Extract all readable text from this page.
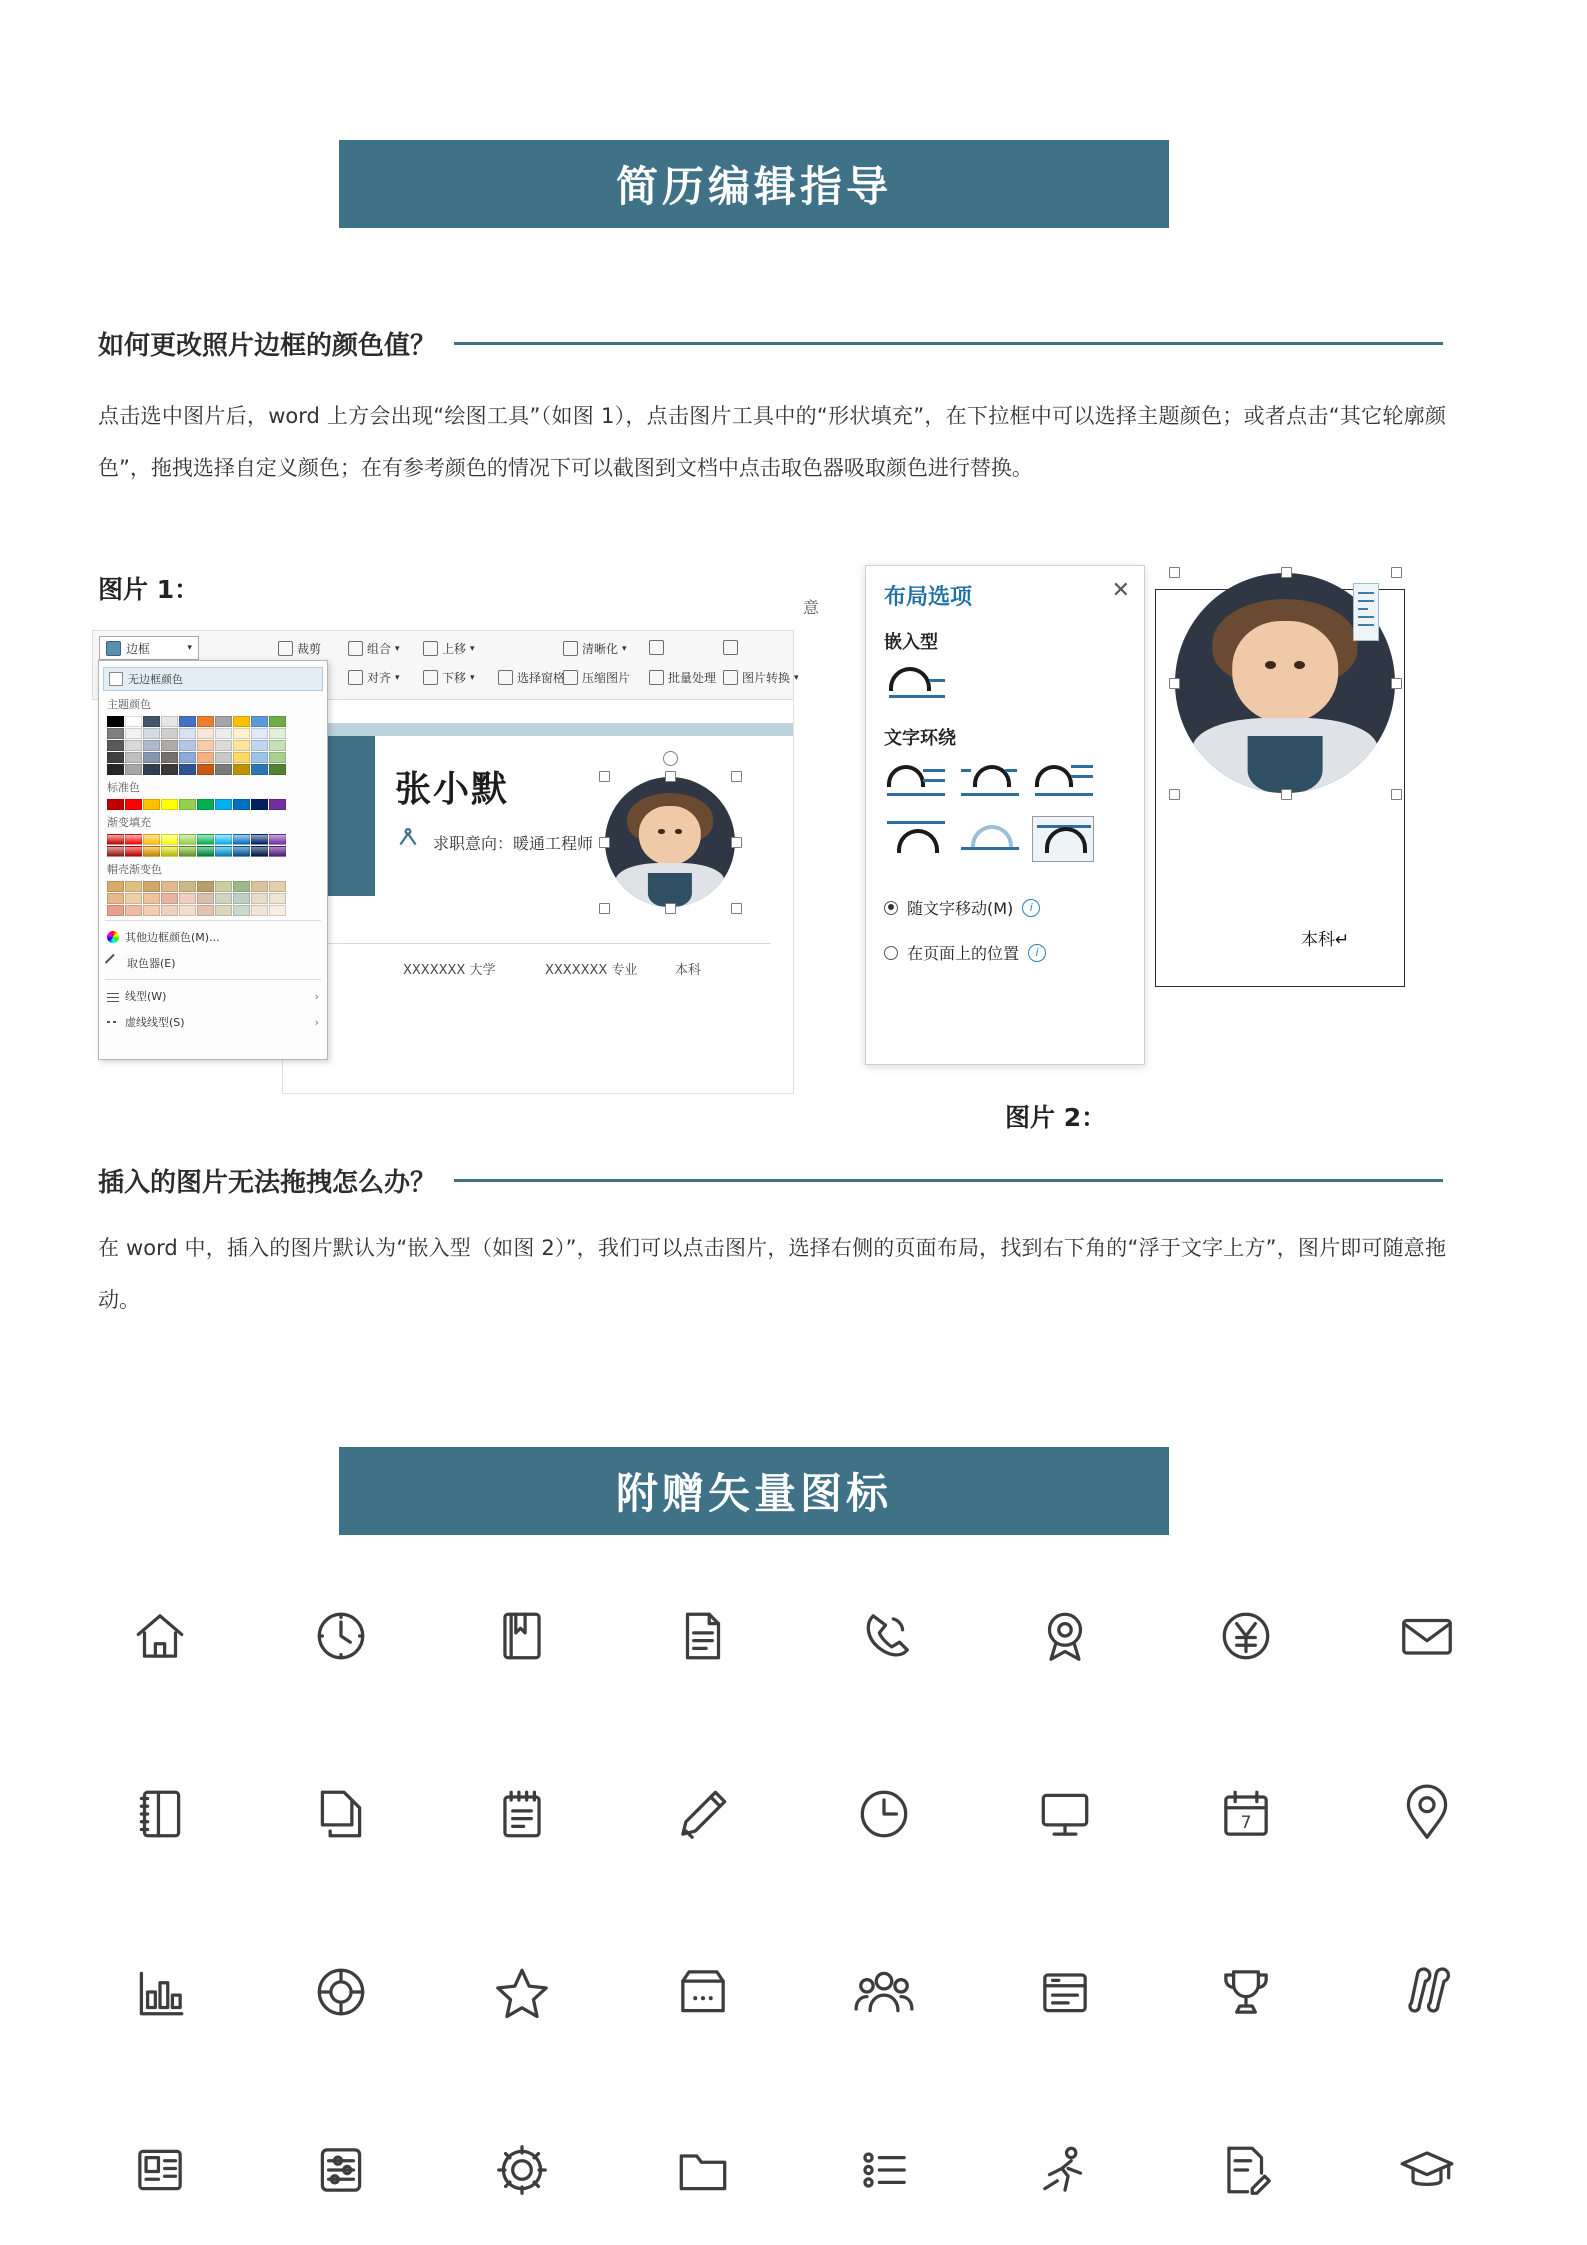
简历编辑指导
如何更改照片边框的颜色值？
点击选中图片后，word 上方会出现“绘图工具”（如图 1），点击图片工具中的“形状填充”，在下拉框中可以选择主题颜色；或者点击“其它轮廓颜色”，拖拽选择自定义颜色；在有参考颜色的情况下可以截图到文档中点击取色器吸取颜色进行替换。
图片 1：
张小默
求职意向：暖通工程师
XXXXXXX 大学	XXXXXXX 专业	本科
边框	▾	裁剪	组合 ▾	上移 ▾
对齐 ▾	下移 ▾	选择窗格
清晰化 ▾
压缩图片	批量处理 图片转换 ▾
无边框颜色
主题颜色
标准色
渐变填充
帽壳渐变色
其他边框颜色(M)...
取色器(E)
线型(W)	›
虚线线型(S)	›
意
本科↵
布局选项	✕
嵌入型
文字环绕
随文字移动(M)	i
在页面上的位置	i
图片 2：
插入的图片无法拖拽怎么办？
在 word 中，插入的图片默认为“嵌入型（如图 2）”，我们可以点击图片，选择右侧的页面布局，找到右下角的“浮于文字上方”，图片即可随意拖动。
附赠矢量图标
7
